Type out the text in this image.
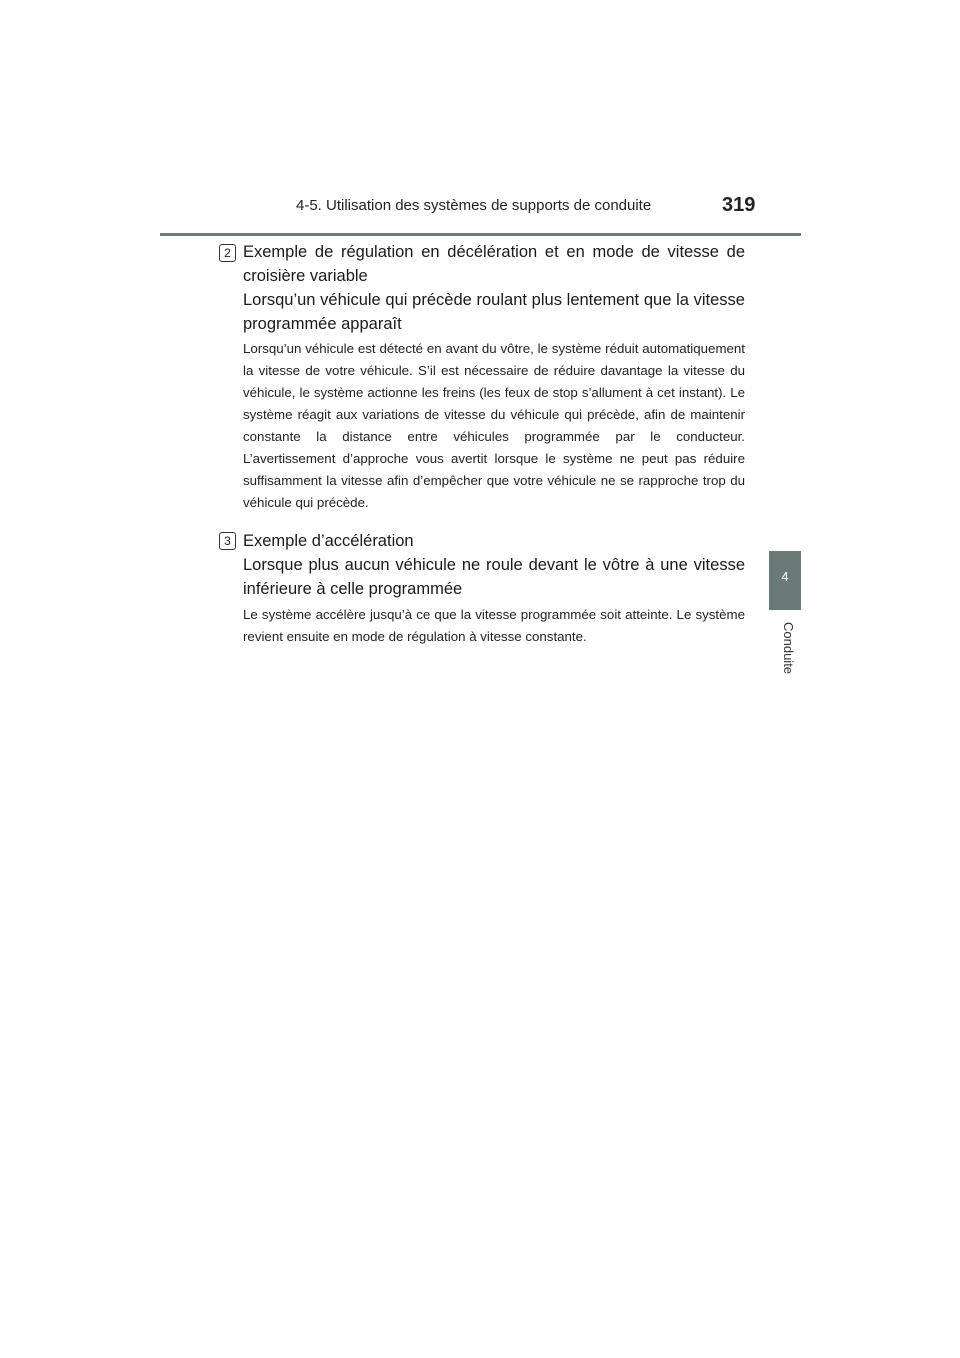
4-5. Utilisation des systèmes de supports de conduite	319
4
Conduite
2 Exemple de régulation en décélération et en mode de vitesse de croisière variable
Lorsqu’un véhicule qui précède roulant plus lentement que la vitesse programmée apparaît
Lorsqu’un véhicule est détecté en avant du vôtre, le système réduit automatiquement la vitesse de votre véhicule. S’il est nécessaire de réduire davantage la vitesse du véhicule, le système actionne les freins (les feux de stop s’allument à cet instant). Le système réagit aux variations de vitesse du véhicule qui précède, afin de maintenir constante la distance entre véhicules programmée par le conducteur. L’avertissement d’approche vous avertit lorsque le système ne peut pas réduire suffisamment la vitesse afin d’empêcher que votre véhicule ne se rapproche trop du véhicule qui précède.
3 Exemple d’accélération
Lorsque plus aucun véhicule ne roule devant le vôtre à une vitesse inférieure à celle programmée
Le système accélère jusqu’à ce que la vitesse programmée soit atteinte. Le système revient ensuite en mode de régulation à vitesse constante.
